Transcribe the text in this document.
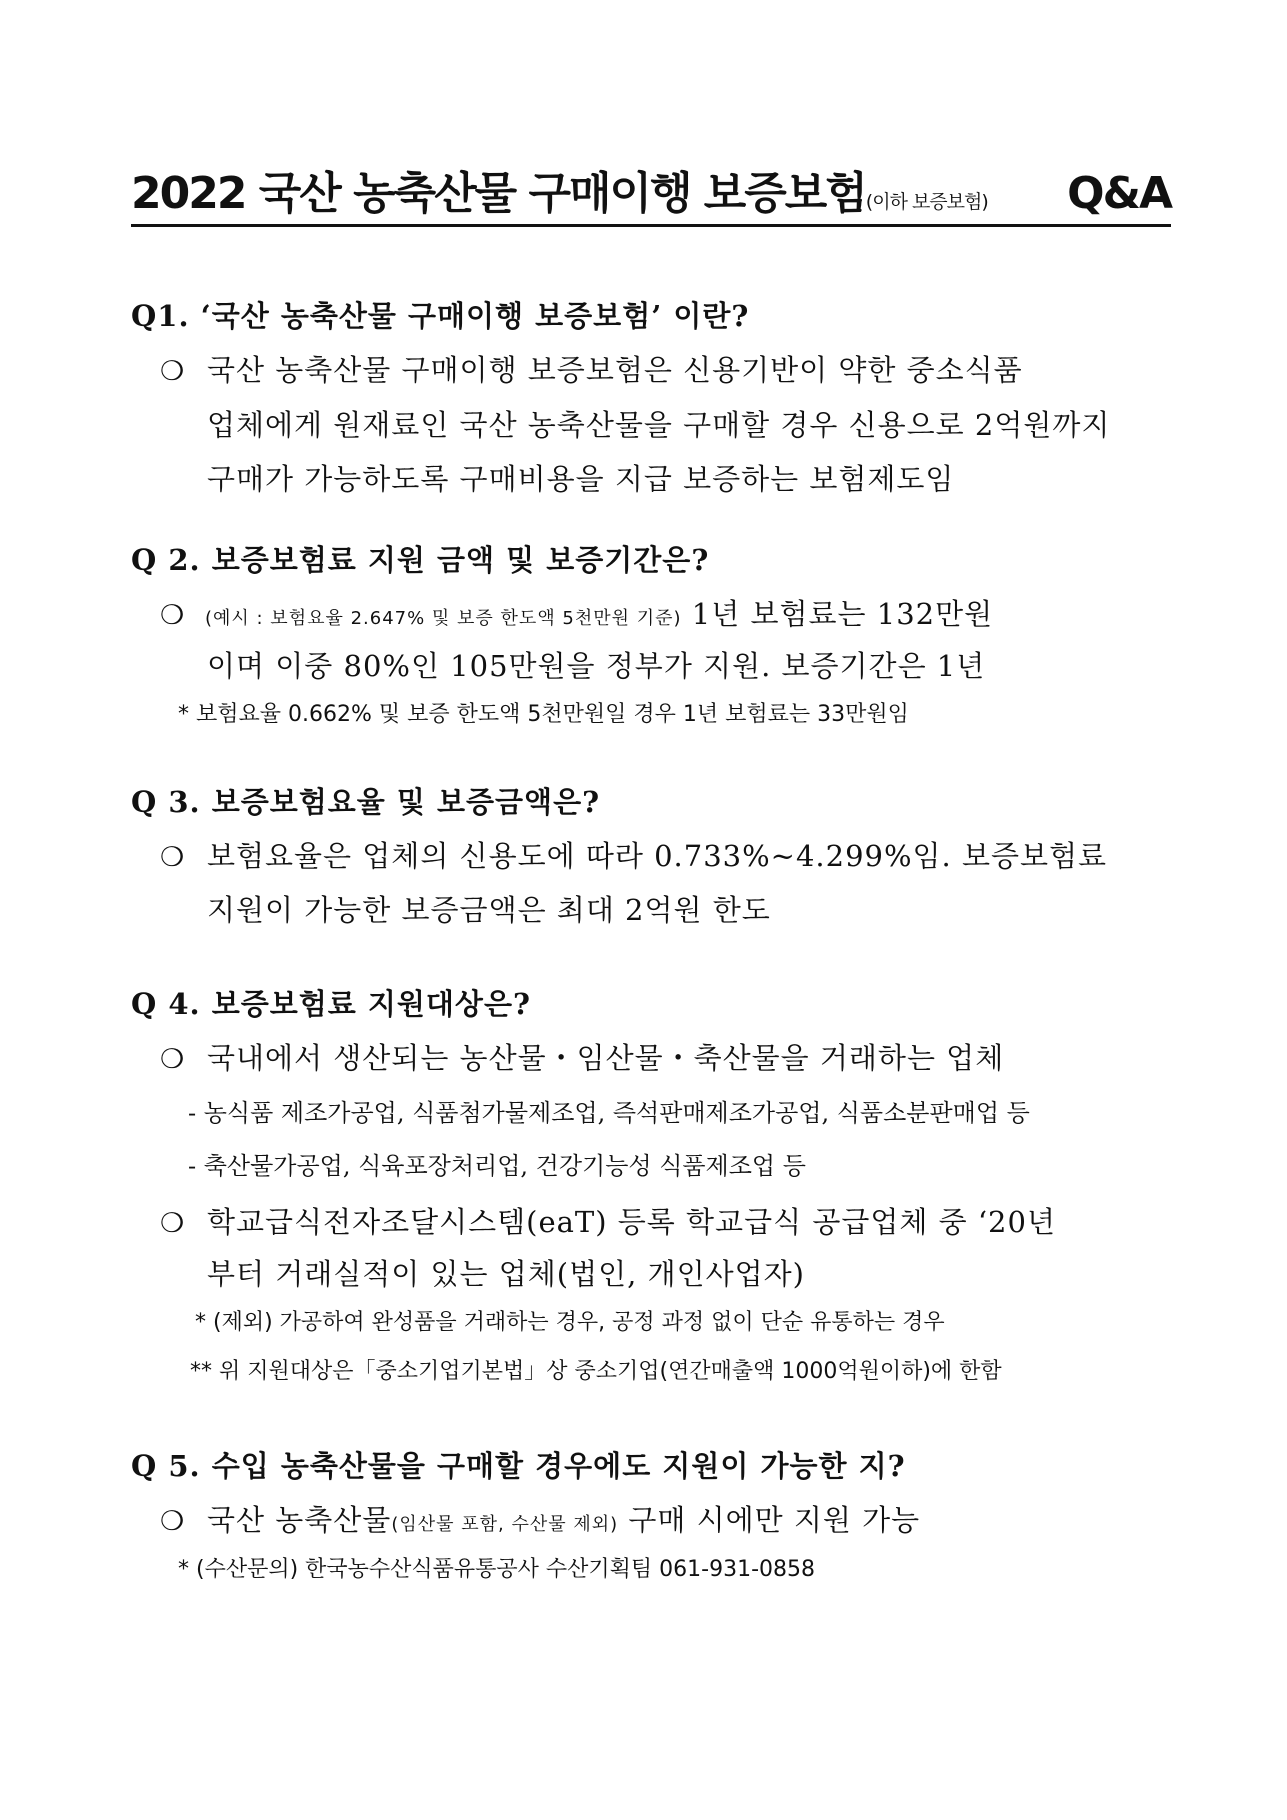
2022 국산 농축산물 구매이행 보증보험(이하 보증보험) Q&A
Q1. ‘국산 농축산물 구매이행 보증보험’ 이란?
❍ 국산 농축산물 구매이행 보증보험은 신용기반이 약한 중소식품
업체에게 원재료인 국산 농축산물을 구매할 경우 신용으로 2억원까지
구매가 가능하도록 구매비용을 지급 보증하는 보험제도임
Q 2. 보증보험료 지원 금액 및 보증기간은?
❍ (예시 : 보험요율 2.647% 및 보증 한도액 5천만원 기준) 1년 보험료는 132만원
이며 이중 80%인 105만원을 정부가 지원. 보증기간은 1년
* 보험요율 0.662% 및 보증 한도액 5천만원일 경우 1년 보험료는 33만원임
Q 3. 보증보험요율 및 보증금액은?
❍ 보험요율은 업체의 신용도에 따라 0.733%~4.299%임. 보증보험료
지원이 가능한 보증금액은 최대 2억원 한도
Q 4. 보증보험료 지원대상은?
❍ 국내에서 생산되는 농산물・임산물・축산물을 거래하는 업체
- 농식품 제조가공업, 식품첨가물제조업, 즉석판매제조가공업, 식품소분판매업 등
- 축산물가공업, 식육포장처리업, 건강기능성 식품제조업 등
❍ 학교급식전자조달시스템(eaT) 등록 학교급식 공급업체 중 ‘20년
부터 거래실적이 있는 업체(법인, 개인사업자)
* (제외) 가공하여 완성품을 거래하는 경우, 공정 과정 없이 단순 유통하는 경우
** 위 지원대상은「중소기업기본법」상 중소기업(연간매출액 1000억원이하)에 한함
Q 5. 수입 농축산물을 구매할 경우에도 지원이 가능한 지?
❍ 국산 농축산물(임산물 포함, 수산물 제외) 구매 시에만 지원 가능
* (수산문의) 한국농수산식품유통공사 수산기획팀 061-931-0858
